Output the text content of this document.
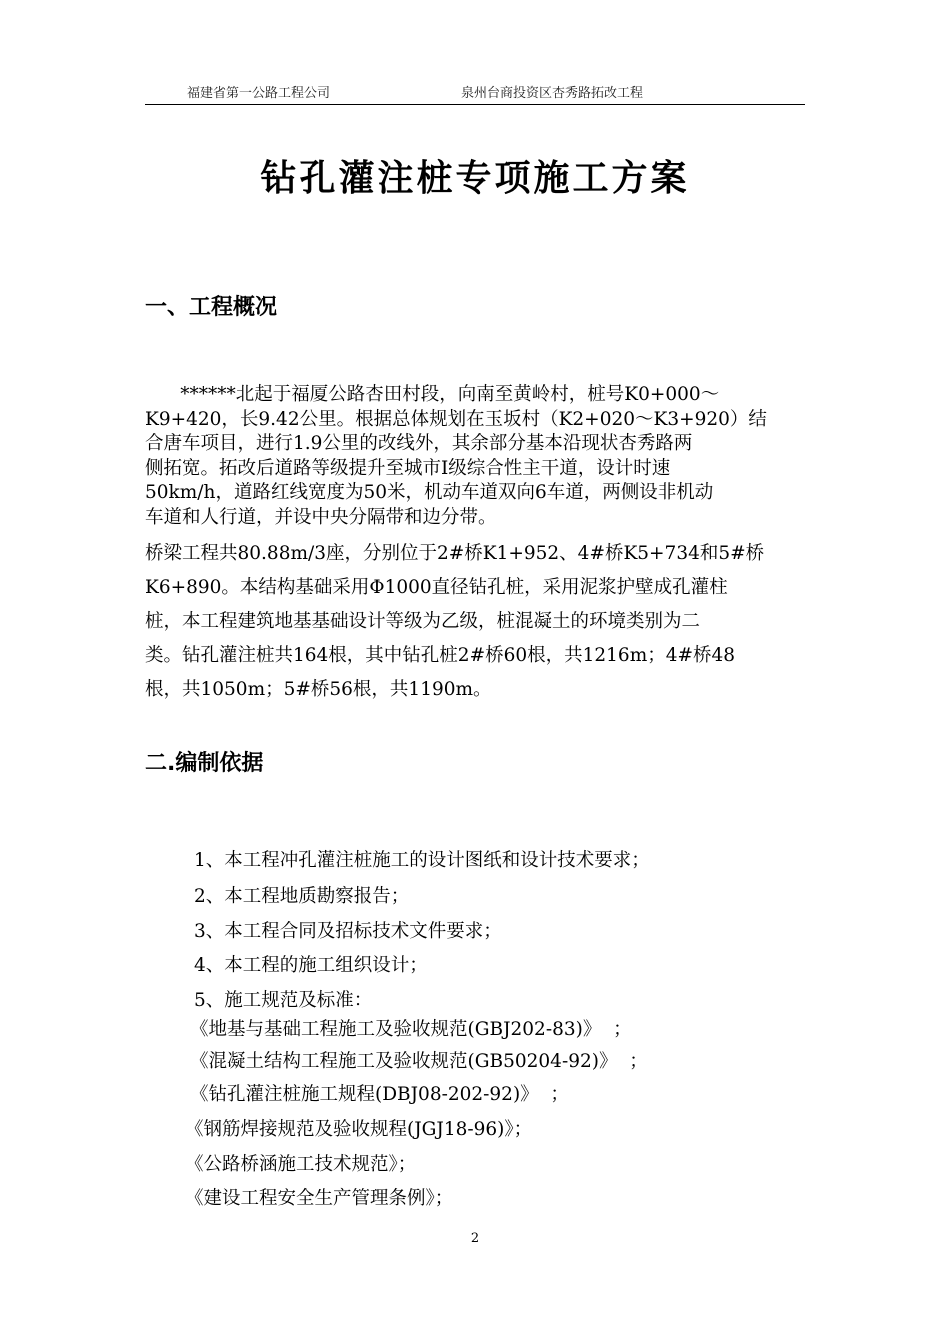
福建省第一公路工程公司	泉州台商投资区杏秀路拓改工程
钻孔灌注桩专项施工方案
一、工程概况
******北起于福厦公路杏田村段，向南至黄岭村，桩号K0+000～
K9+420，长9.42公里。根据总体规划在玉坂村（K2+020～K3+920）结
合唐车项目，进行1.9公里的改线外，其余部分基本沿现状杏秀路两
侧拓宽。拓改后道路等级提升至城市Ⅰ级综合性主干道，设计时速
50km/h，道路红线宽度为50米，机动车道双向6车道，两侧设非机动
车道和人行道，并设中央分隔带和边分带。
桥梁工程共80.88m/3座，分别位于2#桥K1+952、4#桥K5+734和5#桥
K6+890。本结构基础采用Φ1000直径钻孔桩，采用泥浆护壁成孔灌柱
桩，本工程建筑地基基础设计等级为乙级，桩混凝土的环境类别为二
类。钻孔灌注桩共164根，其中钻孔桩2#桥60根，共1216m；4#桥48
根，共1050m；5#桥56根，共1190m。
二.编制依据
1、本工程冲孔灌注桩施工的设计图纸和设计技术要求；
2、本工程地质勘察报告；
3、本工程合同及招标技术文件要求；
4、本工程的施工组织设计；
5、施工规范及标准：
《地基与基础工程施工及验收规范(GBJ202-83)》  ；
《混凝土结构工程施工及验收规范(GB50204-92)》  ；
《钻孔灌注桩施工规程(DBJ08-202-92)》  ；
《钢筋焊接规范及验收规程(JGJ18-96)》；
《公路桥涵施工技术规范》；
《建设工程安全生产管理条例》；
2
